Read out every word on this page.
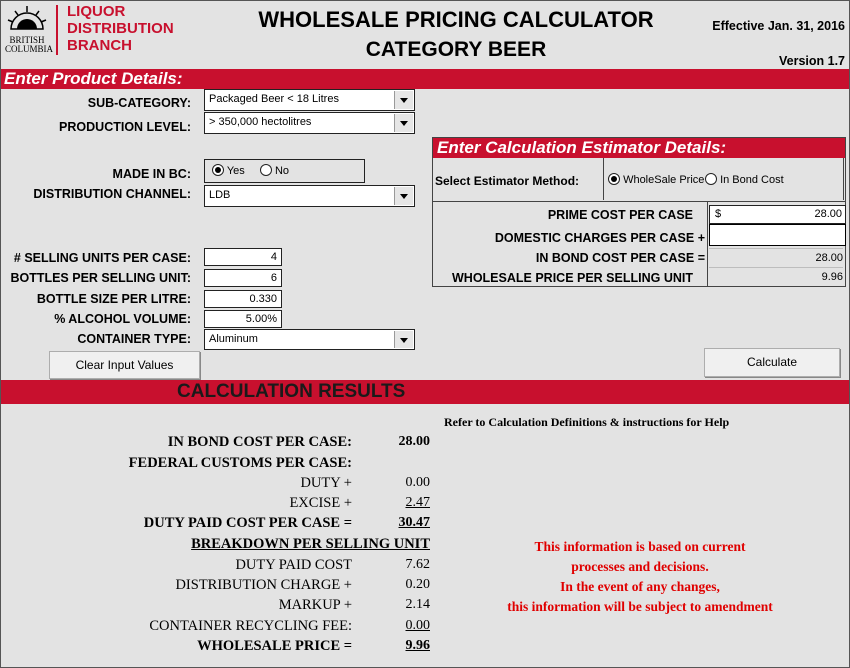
BRITISH
COLUMBIA
LIQUOR
DISTRIBUTION
BRANCH
WHOLESALE PRICING CALCULATOR
CATEGORY BEER
Effective Jan. 31, 2016
Version 1.7
Enter Product Details:
SUB-CATEGORY:	Packaged Beer < 18 Litres
PRODUCTION LEVEL:	> 350,000 hectolitres
MADE IN BC:	Yes	No
DISTRIBUTION CHANNEL:	LDB
# SELLING UNITS PER CASE:	4
BOTTLES PER SELLING UNIT:	6
BOTTLE SIZE PER LITRE:	0.330
% ALCOHOL VOLUME:	5.00%
CONTAINER TYPE:	Aluminum
Clear Input Values
Enter Calculation Estimator Details:
Select Estimator Method:	WholeSale Price	In Bond Cost
PRIME COST PER CASE $	28.00
DOMESTIC CHARGES PER CASE +
IN BOND COST PER CASE =	28.00
WHOLESALE PRICE PER SELLING UNIT	9.96
Calculate
CALCULATION RESULTS
Refer to Calculation Definitions & instructions for Help
IN BOND COST PER CASE:	28.00
FEDERAL CUSTOMS PER CASE:
DUTY +	0.00
EXCISE +	2.47
DUTY PAID COST PER CASE =	30.47
BREAKDOWN PER SELLING UNIT
DUTY PAID COST	7.62
DISTRIBUTION CHARGE +	0.20
MARKUP +	2.14
CONTAINER RECYCLING FEE:	0.00
WHOLESALE PRICE =	9.96
This information is based on current
processes and decisions.
In the event of any changes,
this information will be subject to amendment
